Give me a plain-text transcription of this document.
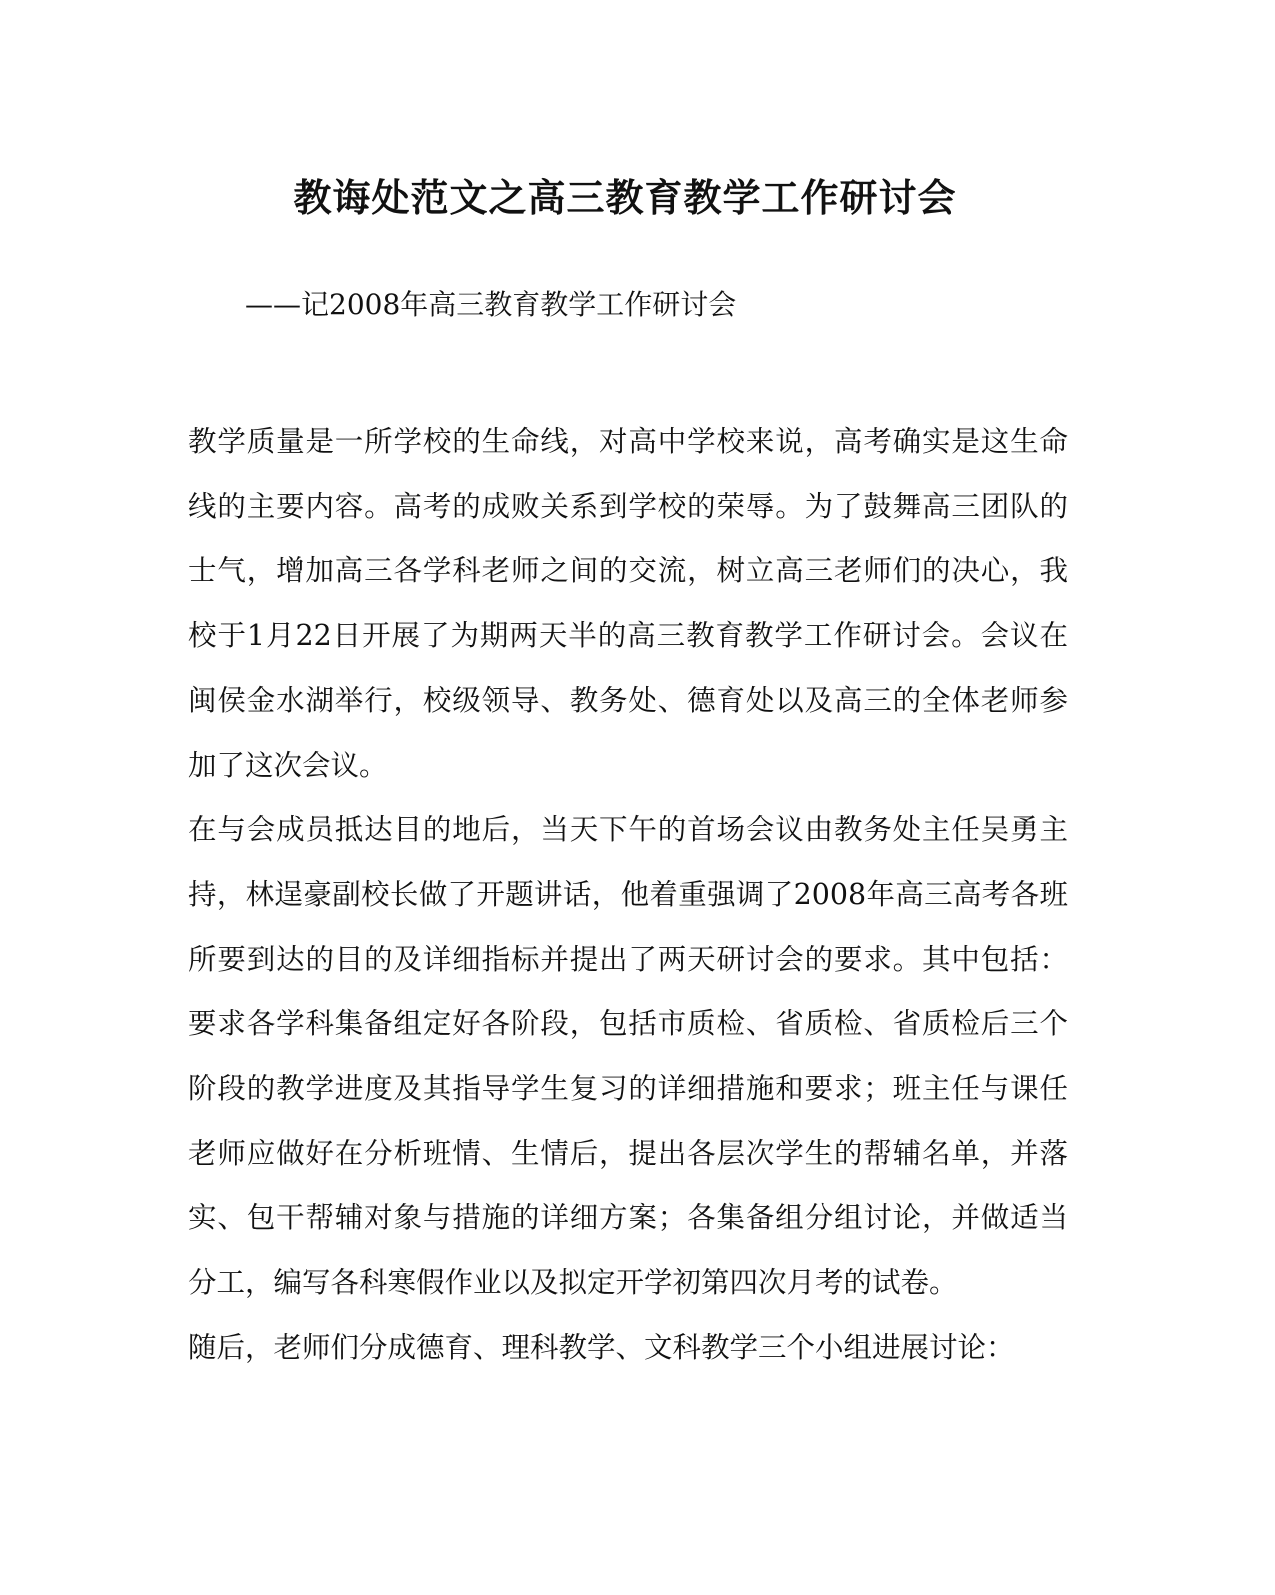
教诲处范文之高三教育教学工作研讨会
——记2008年高三教育教学工作研讨会

教学质量是一所学校的生命线，对高中学校来说，高考确实是这生命线的主要内容。高考的成败关系到学校的荣辱。为了鼓舞高三团队的士气，增加高三各学科老师之间的交流，树立高三老师们的决心，我校于1月22日开展了为期两天半的高三教育教学工作研讨会。会议在闽侯金水湖举行，校级领导、教务处、德育处以及高三的全体老师参加了这次会议。

在与会成员抵达目的地后，当天下午的首场会议由教务处主任吴勇主持，林逞豪副校长做了开题讲话，他着重强调了2008年高三高考各班所要到达的目的及详细指标并提出了两天研讨会的要求。其中包括：要求各学科集备组定好各阶段，包括市质检、省质检、省质检后三个阶段的教学进度及其指导学生复习的详细措施和要求；班主任与课任老师应做好在分析班情、生情后，提出各层次学生的帮辅名单，并落实、包干帮辅对象与措施的详细方案；各集备组分组讨论，并做适当分工，编写各科寒假作业以及拟定开学初第四次月考的试卷。

随后，老师们分成德育、理科教学、文科教学三个小组进展讨论：
